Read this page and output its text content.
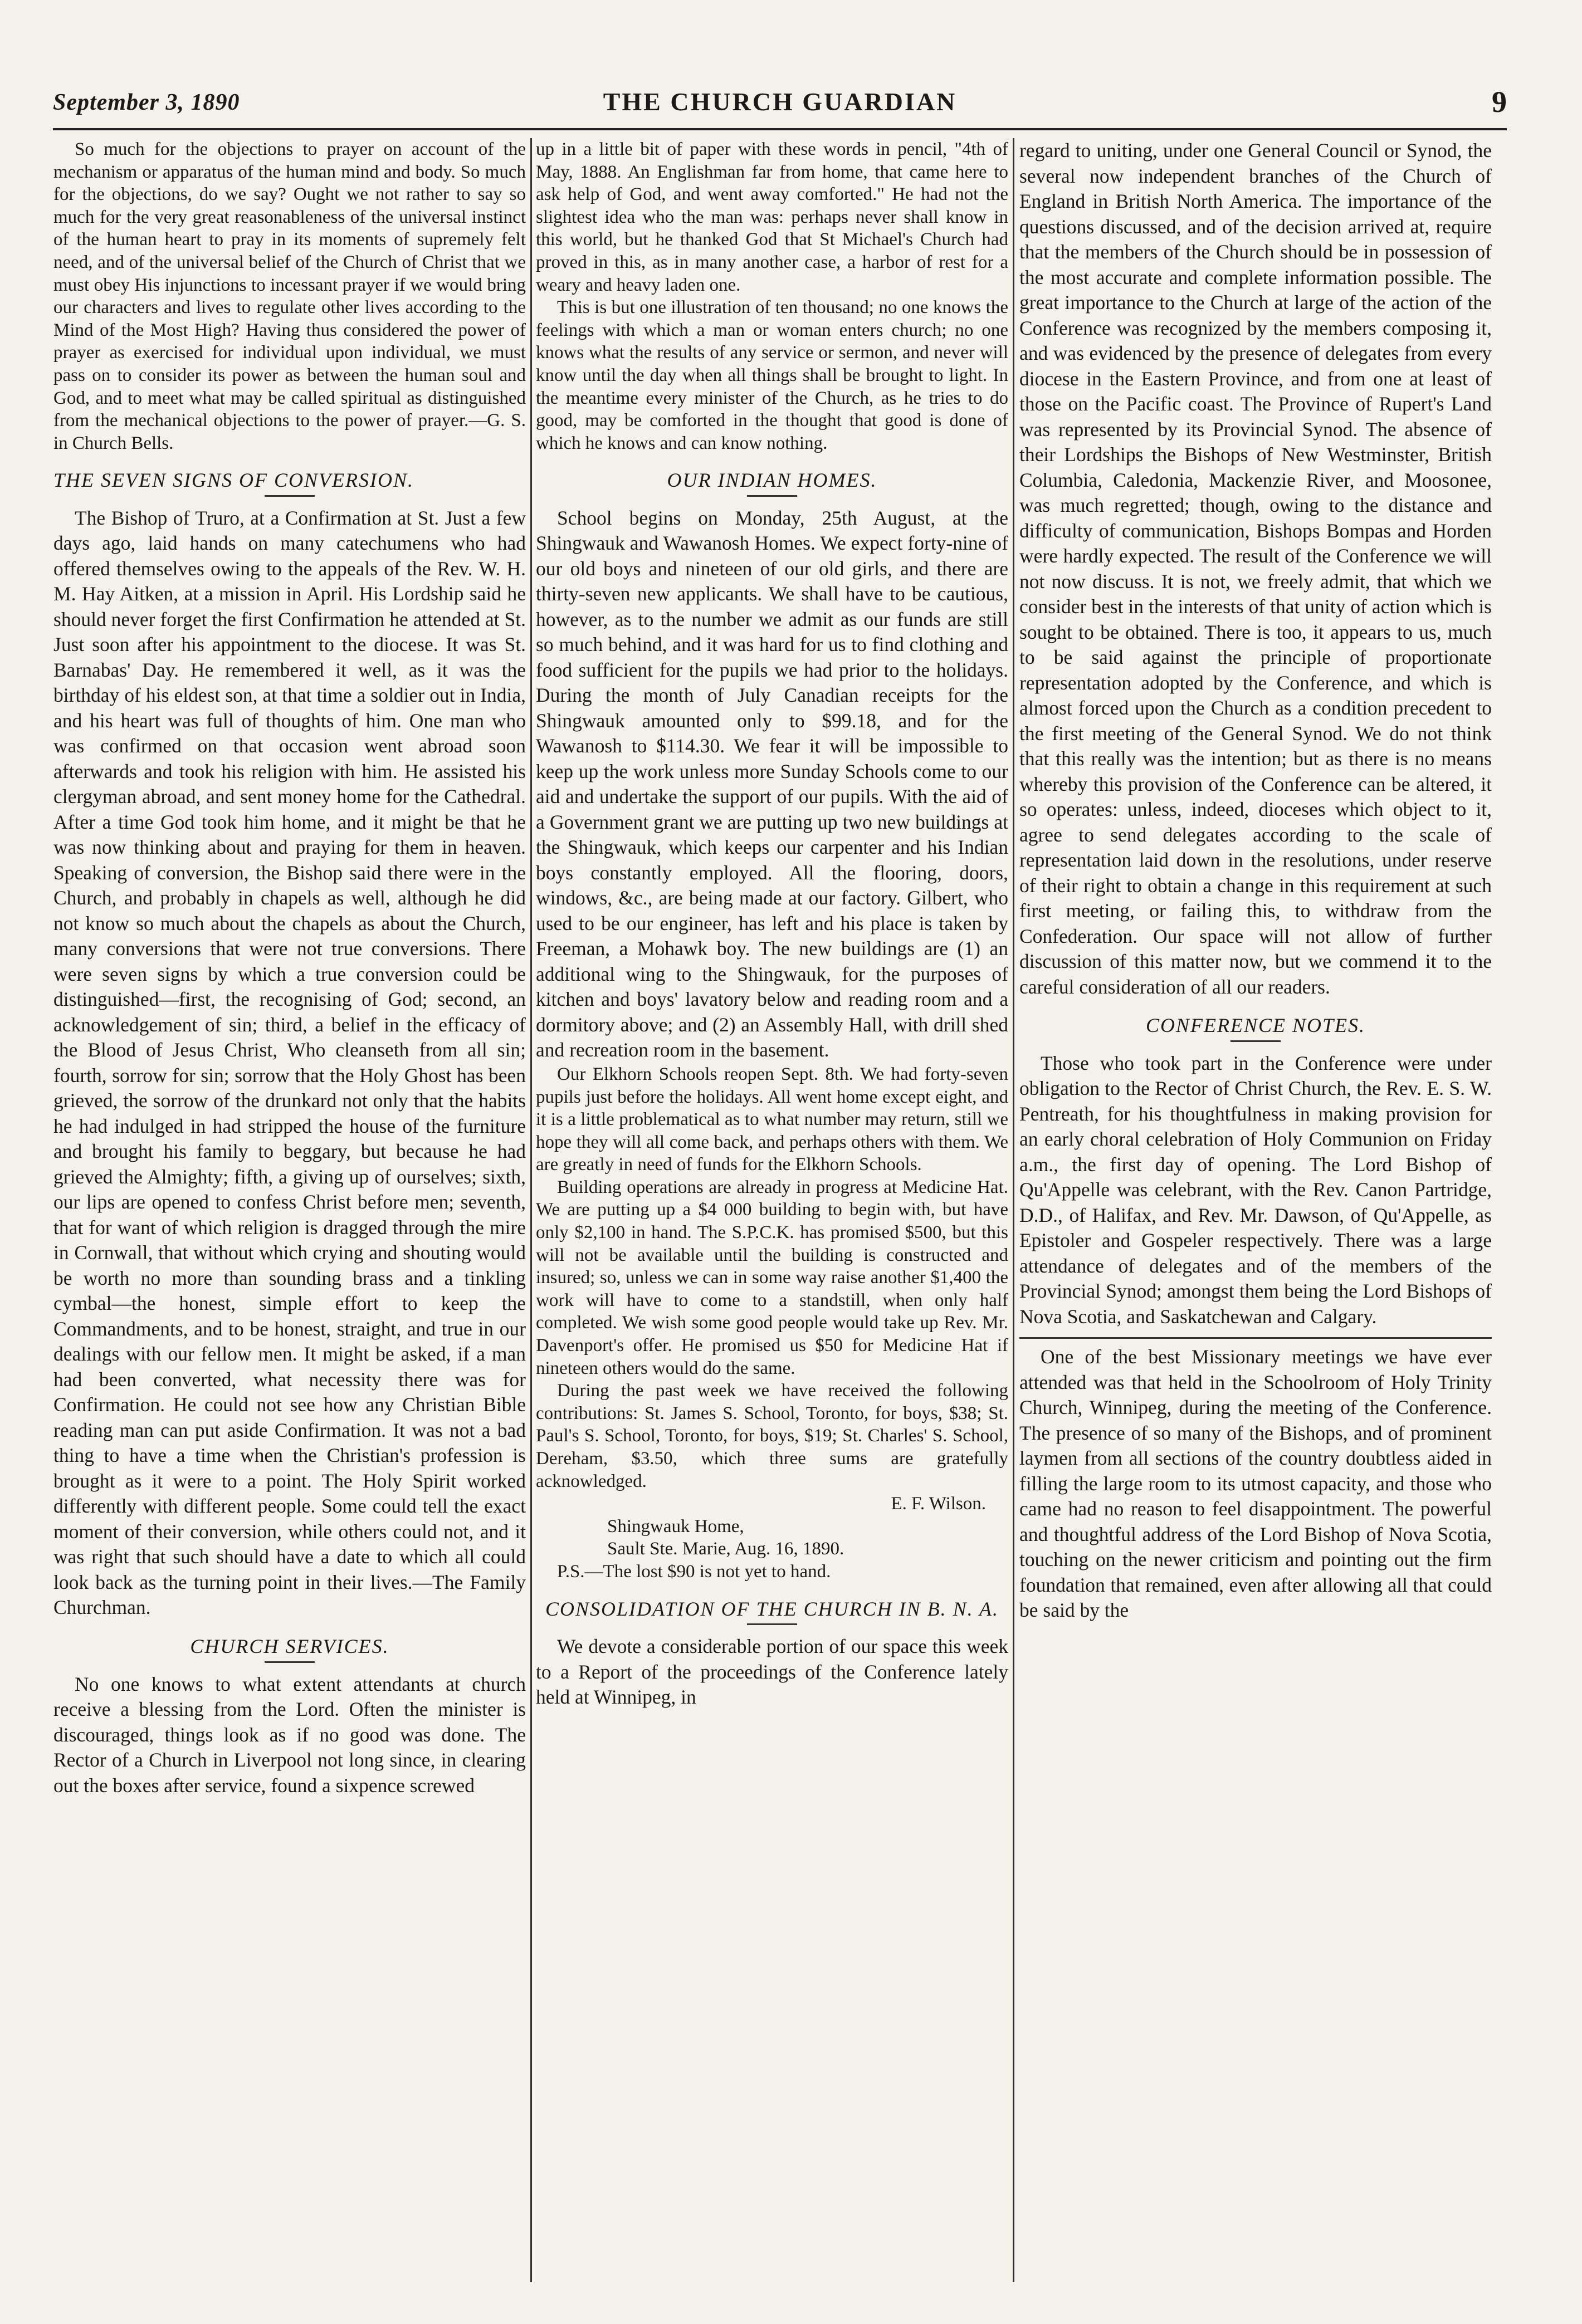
September 3, 1890	THE CHURCH GUARDIAN	9

So much for the objections to prayer on account of the mechanism or apparatus of the human mind and body. So much for the objections, do we say? Ought we not rather to say so much for the very great reasonableness of the universal instinct of the human heart to pray in its moments of supremely felt need, and of the universal belief of the Church of Christ that we must obey His injunctions to incessant prayer if we would bring our characters and lives to regulate other lives according to the Mind of the Most High? Having thus considered the power of prayer as exercised for individual upon individual, we must pass on to consider its power as between the human soul and God, and to meet what may be called spiritual as distinguished from the mechanical objections to the power of prayer.—G. S. in Church Bells.

THE SEVEN SIGNS OF CONVERSION.

The Bishop of Truro, at a Confirmation at St. Just a few days ago, laid hands on many catechumens who had offered themselves owing to the appeals of the Rev. W. H. M. Hay Aitken, at a mission in April. His Lordship said he should never forget the first Confirmation he attended at St. Just soon after his appointment to the diocese. It was St. Barnabas' Day. He remembered it well, as it was the birthday of his eldest son, at that time a soldier out in India, and his heart was full of thoughts of him. One man who was confirmed on that occasion went abroad soon afterwards and took his religion with him. He assisted his clergyman abroad, and sent money home for the Cathedral. After a time God took him home, and it might be that he was now thinking about and praying for them in heaven. Speaking of conversion, the Bishop said there were in the Church, and probably in chapels as well, although he did not know so much about the chapels as about the Church, many conversions that were not true conversions. There were seven signs by which a true conversion could be distinguished—first, the recognising of God; second, an acknowledgement of sin; third, a belief in the efficacy of the Blood of Jesus Christ, Who cleanseth from all sin; fourth, sorrow for sin; sorrow that the Holy Ghost has been grieved, the sorrow of the drunkard not only that the habits he had indulged in had stripped the house of the furniture and brought his family to beggary, but because he had grieved the Almighty; fifth, a giving up of ourselves; sixth, our lips are opened to confess Christ before men; seventh, that for want of which religion is dragged through the mire in Cornwall, that without which crying and shouting would be worth no more than sounding brass and a tinkling cymbal—the honest, simple effort to keep the Commandments, and to be honest, straight, and true in our dealings with our fellow men. It might be asked, if a man had been converted, what necessity there was for Confirmation. He could not see how any Christian Bible reading man can put aside Confirmation. It was not a bad thing to have a time when the Christian's profession is brought as it were to a point. The Holy Spirit worked differently with different people. Some could tell the exact moment of their conversion, while others could not, and it was right that such should have a date to which all could look back as the turning point in their lives.—The Family Churchman.

CHURCH SERVICES.

No one knows to what extent attendants at church receive a blessing from the Lord. Often the minister is discouraged, things look as if no good was done. The Rector of a Church in Liverpool not long since, in clearing out the boxes after service, found a sixpence screwed

up in a little bit of paper with these words in pencil, "4th of May, 1888. An Englishman far from home, that came here to ask help of God, and went away comforted." He had not the slightest idea who the man was: perhaps never shall know in this world, but he thanked God that St Michael's Church had proved in this, as in many another case, a harbor of rest for a weary and heavy laden one.

This is but one illustration of ten thousand; no one knows the feelings with which a man or woman enters church; no one knows what the results of any service or sermon, and never will know until the day when all things shall be brought to light. In the meantime every minister of the Church, as he tries to do good, may be comforted in the thought that good is done of which he knows and can know nothing.

OUR INDIAN HOMES.

School begins on Monday, 25th August, at the Shingwauk and Wawanosh Homes. We expect forty-nine of our old boys and nineteen of our old girls, and there are thirty-seven new applicants. We shall have to be cautious, however, as to the number we admit as our funds are still so much behind, and it was hard for us to find clothing and food sufficient for the pupils we had prior to the holidays. During the month of July Canadian receipts for the Shingwauk amounted only to $99.18, and for the Wawanosh to $114.30. We fear it will be impossible to keep up the work unless more Sunday Schools come to our aid and undertake the support of our pupils. With the aid of a Government grant we are putting up two new buildings at the Shingwauk, which keeps our carpenter and his Indian boys constantly employed. All the flooring, doors, windows, &c., are being made at our factory. Gilbert, who used to be our engineer, has left and his place is taken by Freeman, a Mohawk boy. The new buildings are (1) an additional wing to the Shingwauk, for the purposes of kitchen and boys' lavatory below and reading room and a dormitory above; and (2) an Assembly Hall, with drill shed and recreation room in the basement.

Our Elkhorn Schools reopen Sept. 8th. We had forty-seven pupils just before the holidays. All went home except eight, and it is a little problematical as to what number may return, still we hope they will all come back, and perhaps others with them. We are greatly in need of funds for the Elkhorn Schools.

Building operations are already in progress at Medicine Hat. We are putting up a $4 000 building to begin with, but have only $2,100 in hand. The S.P.C.K. has promised $500, but this will not be available until the building is constructed and insured; so, unless we can in some way raise another $1,400 the work will have to come to a standstill, when only half completed. We wish some good people would take up Rev. Mr. Davenport's offer. He promised us $50 for Medicine Hat if nineteen others would do the same.

During the past week we have received the following contributions: St. James S. School, Toronto, for boys, $38; St. Paul's S. School, Toronto, for boys, $19; St. Charles' S. School, Dereham, $3.50, which three sums are gratefully acknowledged.

E. F. Wilson.

Shingwauk Home,

Sault Ste. Marie, Aug. 16, 1890.

P.S.—The lost $90 is not yet to hand.

CONSOLIDATION OF THE CHURCH IN B. N. A.

We devote a considerable portion of our space this week to a Report of the proceedings of the Conference lately held at Winnipeg, in

regard to uniting, under one General Council or Synod, the several now independent branches of the Church of England in British North America. The importance of the questions discussed, and of the decision arrived at, require that the members of the Church should be in possession of the most accurate and complete information possible. The great importance to the Church at large of the action of the Conference was recognized by the members composing it, and was evidenced by the presence of delegates from every diocese in the Eastern Province, and from one at least of those on the Pacific coast. The Province of Rupert's Land was represented by its Provincial Synod. The absence of their Lordships the Bishops of New Westminster, British Columbia, Caledonia, Mackenzie River, and Moosonee, was much regretted; though, owing to the distance and difficulty of communication, Bishops Bompas and Horden were hardly expected. The result of the Conference we will not now discuss. It is not, we freely admit, that which we consider best in the interests of that unity of action which is sought to be obtained. There is too, it appears to us, much to be said against the principle of proportionate representation adopted by the Conference, and which is almost forced upon the Church as a condition precedent to the first meeting of the General Synod. We do not think that this really was the intention; but as there is no means whereby this provision of the Conference can be altered, it so operates: unless, indeed, dioceses which object to it, agree to send delegates according to the scale of representation laid down in the resolutions, under reserve of their right to obtain a change in this requirement at such first meeting, or failing this, to withdraw from the Confederation. Our space will not allow of further discussion of this matter now, but we commend it to the careful consideration of all our readers.

CONFERENCE NOTES.

Those who took part in the Conference were under obligation to the Rector of Christ Church, the Rev. E. S. W. Pentreath, for his thoughtfulness in making provision for an early choral celebration of Holy Communion on Friday a.m., the first day of opening. The Lord Bishop of Qu'Appelle was celebrant, with the Rev. Canon Partridge, D.D., of Halifax, and Rev. Mr. Dawson, of Qu'Appelle, as Epistoler and Gospeler respectively. There was a large attendance of delegates and of the members of the Provincial Synod; amongst them being the Lord Bishops of Nova Scotia, and Saskatchewan and Calgary.

One of the best Missionary meetings we have ever attended was that held in the Schoolroom of Holy Trinity Church, Winnipeg, during the meeting of the Conference. The presence of so many of the Bishops, and of prominent laymen from all sections of the country doubtless aided in filling the large room to its utmost capacity, and those who came had no reason to feel disappointment. The powerful and thoughtful address of the Lord Bishop of Nova Scotia, touching on the newer criticism and pointing out the firm foundation that remained, even after allowing all that could be said by the
